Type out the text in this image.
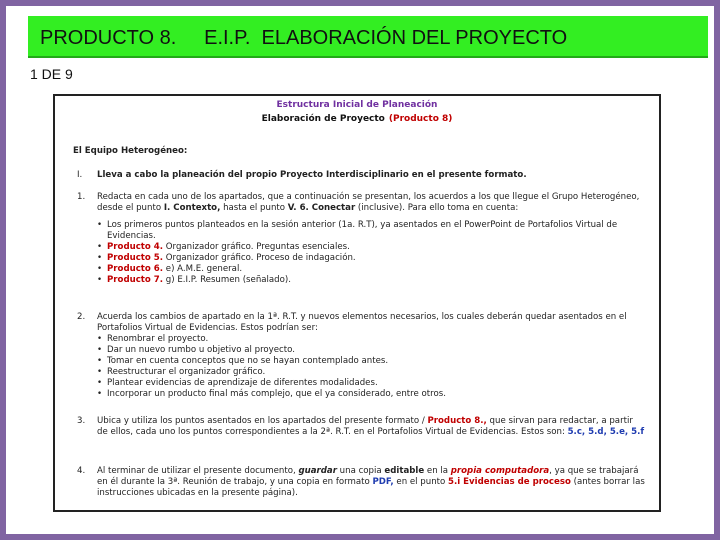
PRODUCTO 8.     E.I.P.  ELABORACIÓN DEL PROYECTO
1 DE 9
Estructura Inicial de Planeación
Elaboración de Proyecto (Producto 8)
El Equipo Heterogéneo:
I. Lleva a cabo la planeación del propio Proyecto Interdisciplinario en el presente formato.
1. Redacta en cada uno de los apartados, que a continuación se presentan, los acuerdos a los que llegue el Grupo Heterogéneo, desde el punto I. Contexto, hasta el punto V. 6. Conectar (inclusive). Para ello toma en cuenta:
• Los primeros puntos planteados en la sesión anterior (1a. R.T), ya asentados en el PowerPoint de Portafolios Virtual de Evidencias.
• Producto 4. Organizador gráfico. Preguntas esenciales.
• Producto 5. Organizador gráfico. Proceso de indagación.
• Producto 6. e) A.M.E. general.
• Producto 7. g) E.I.P. Resumen (señalado).
2. Acuerda los cambios de apartado en la 1ª. R.T. y nuevos elementos necesarios, los cuales deberán quedar asentados en el Portafolios Virtual de Evidencias. Estos podrían ser:
• Renombrar el proyecto.
• Dar un nuevo rumbo u objetivo al proyecto.
• Tomar en cuenta conceptos que no se hayan contemplado antes.
• Reestructurar el organizador gráfico.
• Plantear evidencias de aprendizaje de diferentes modalidades.
• Incorporar un producto final más complejo, que el ya considerado, entre otros.
3. Ubica y utiliza los puntos asentados en los apartados del presente formato / Producto 8., que sirvan para redactar, a partir de ellos, cada uno los puntos correspondientes a la 2ª. R.T. en el Portafolios Virtual de Evidencias. Estos son: 5.c, 5.d, 5.e, 5.f
4. Al terminar de utilizar el presente documento, guardar una copia editable en la propia computadora, ya que se trabajará en él durante la 3ª. Reunión de trabajo, y una copia en formato PDF, en el punto 5.i Evidencias de proceso (antes borrar las instrucciones ubicadas en la presente página).
